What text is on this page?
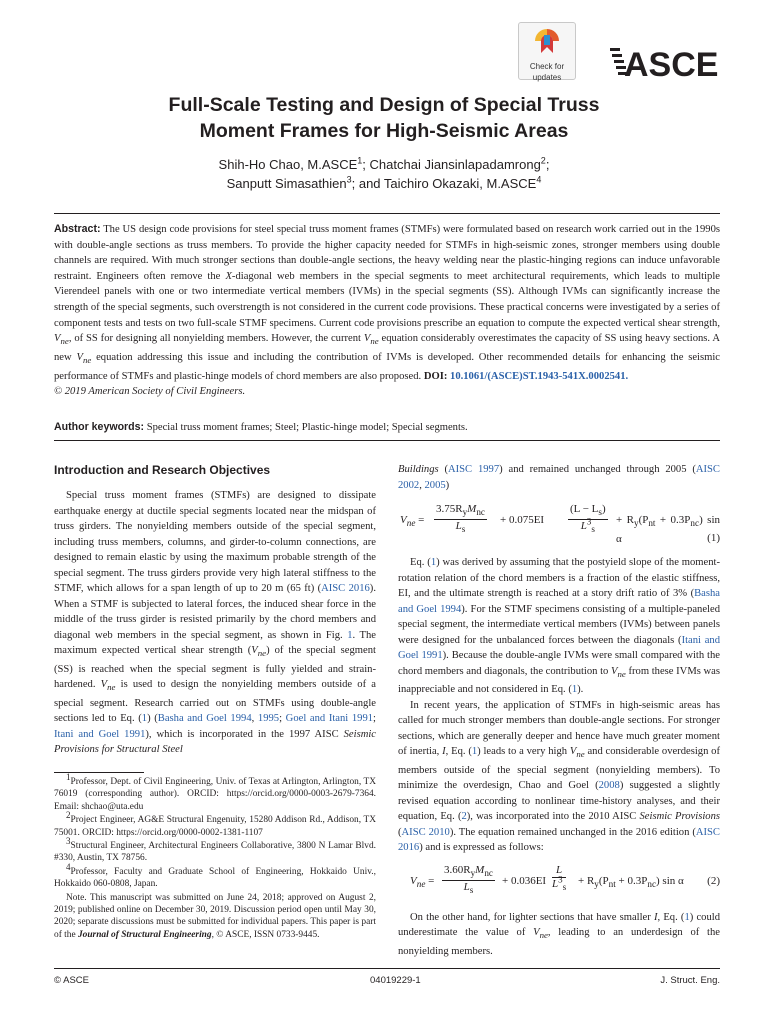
Check for
updates	ASCE
Full-Scale Testing and Design of Special Truss
Moment Frames for High-Seismic Areas
Shih-Ho Chao, M.ASCE$^1$; Chatchai Jiansinlapadamrong$^2$;
Sanputt Simasathien$^3$; and Taichiro Okazaki, M.ASCE$^4$
Abstract: The US design code provisions for steel special truss moment frames (STMFs) were formulated based on research work carried out in the 1990s with double-angle sections as truss members. To provide the higher capacity needed for STMFs in high-seismic zones, stronger members using double channels are required. With much stronger sections than double-angle sections, the heavy welding near the plastic-hinging regions can induce unfavorable restraint. Engineers often remove the X-diagonal web members in the special segments to meet architectural requirements, which leads to multiple Vierendeel panels with one or two intermediate vertical members (IVMs) in the special segments (SS). Although IVMs can significantly increase the strength of the special segments, such overstrength is not considered in the current code provisions. These practical concerns were investigated by a series of component tests and tests on two full-scale STMF specimens. Current code provisions prescribe an equation to compute the expected vertical shear strength, $V_{ne}$, of SS for designing all nonyielding members. However, the current $V_{ne}$ equation considerably overestimates the capacity of SS using heavy sections. A new $V_{ne}$ equation addressing this issue and including the contribution of IVMs is developed. Other recommended details for enhancing the seismic performance of STMFs and plastic-hinge models of chord members are also proposed. DOI: 10.1061/(ASCE)ST.1943-541X.0002541.
© 2019 American Society of Civil Engineers.
Author keywords: Special truss moment frames; Steel; Plastic-hinge model; Special segments.
Introduction and Research Objectives

Special truss moment frames (STMFs) are designed to dissipate earthquake energy at ductile special segments located near the midspan of truss girders. The nonyielding members outside of the special segment, including truss members, columns, and girder-to-column connections, are designed to remain elastic by using the maximum probable strength of the special segment. The truss girders provide very high lateral stiffness to the STMF, which allows for a span length of up to 20 m (65 ft) (AISC 2016). When a STMF is subjected to lateral forces, the induced shear force in the middle of the truss girder is resisted primarily by the chord members and diagonal web members in the special segment, as shown in Fig. 1. The maximum expected vertical shear strength $(V_{ne})$ of the special segment (SS) is reached when the special segment is fully yielded and strain-hardened. $V_{ne}$ is used to design the nonyielding members outside of a special segment. Research carried out on STMFs using double-angle sections led to Eq. (1) (Basha and Goel 1994, 1995; Goel and Itani 1991; Itani and Goel 1991), which is incorporated in the 1997 AISC Seismic Provisions for Structural Steel

$^1$Professor, Dept. of Civil Engineering, Univ. of Texas at Arlington, Arlington, TX 76019 (corresponding author). ORCID: https://orcid.org/0000-0003-2679-7364. Email: shchao@uta.edu

$^2$Project Engineer, AG&E Structural Engenuity, 15280 Addison Rd., Addison, TX 75001. ORCID: https://orcid.org/0000-0002-1381-1107

$^3$Structural Engineer, Architectural Engineers Collaborative, 3800 N Lamar Blvd. #330, Austin, TX 78756.

$^4$Professor, Faculty and Graduate School of Engineering, Hokkaido Univ., Hokkaido 060-0808, Japan.

Note. This manuscript was submitted on June 24, 2018; approved on August 2, 2019; published online on December 30, 2019. Discussion period open until May 30, 2020; separate discussions must be submitted for individual papers. This paper is part of the Journal of Structural Engineering, © ASCE, ISSN 0733-9445.

Buildings (AISC 1997) and remained unchanged through 2005 (AISC 2002, 2005)

$V_{ne}$ =
$3.75R_yM_{nc}$
$L_s$
+ $0.075EI \frac{(L - L_s)}{L^3_s} + R_y(P_{nt} + 0.3P_{nc})$ sin α	(1)

Eq. (1) was derived by assuming that the postyield slope of the moment-rotation relation of the chord members is a fraction of the elastic stiffness, EI, and the ultimate strength is reached at a story drift ratio of 3% (Basha and Goel 1994). For the STMF specimens consisting of a multiple-paneled special segment, the intermediate vertical members (IVMs) between panels were designed for the unbalanced forces between the diagonals (Itani and Goel 1991). Because the double-angle IVMs were small compared with the chord members and diagonals, the contribution to $V_{ne}$ from these IVMs was inappreciable and not considered in Eq. (1).

In recent years, the application of STMFs in high-seismic areas has called for much stronger members than double-angle sections. For stronger sections, which are generally deeper and hence have much greater moment of inertia, I, Eq. (1) leads to a very high $V_{ne}$ and considerable overdesign of members outside of the special segment (nonyielding members). To minimize the overdesign, Chao and Goel (2008) suggested a slightly revised equation according to nonlinear time-history analyses, and their equation, Eq. (2), was incorporated into the 2010 AISC Seismic Provisions (AISC 2010). The equation remained unchanged in the 2016 edition (AISC 2016) and is expressed as follows:

$V_{ne}$ =
$3.60R_yM_{nc}$
$L_s$
+ $0.036EI \frac{L}{L^3_s} + R_y(P_{nt} + 0.3P_{nc})$ sin α (2)

On the other hand, for lighter sections that have smaller I, Eq. (1) could underestimate the value of $V_{ne}$, leading to an underdesign of the nonyielding members.

© ASCE	04019229-1	J. Struct. Eng.
